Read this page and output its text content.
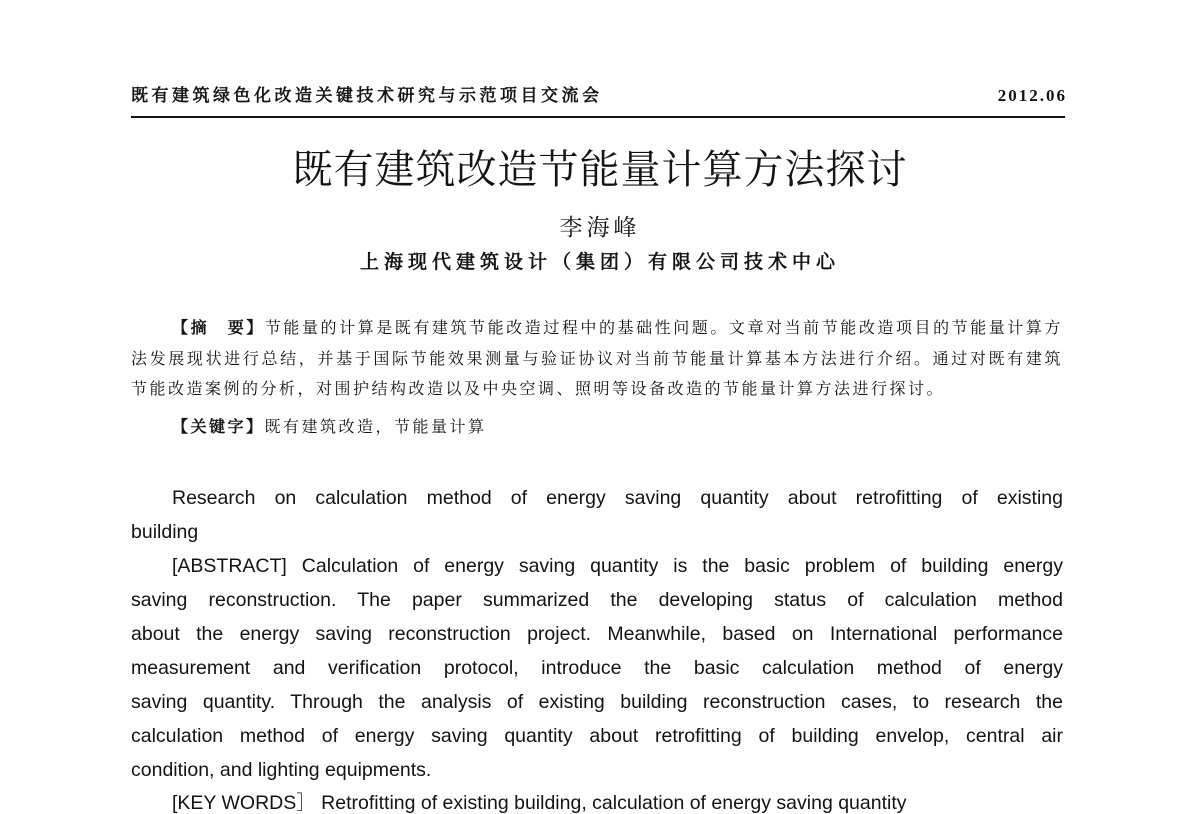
既有建筑绿色化改造关键技术研究与示范项目交流会	2012.06
既有建筑改造节能量计算方法探讨
李海峰
上海现代建筑设计（集团）有限公司技术中心
【摘　要】节能量的计算是既有建筑节能改造过程中的基础性问题。文章对当前节能改造项目的节能量计算方
法发展现状进行总结，并基于国际节能效果测量与验证协议对当前节能量计算基本方法进行介绍。通过对既有建筑
节能改造案例的分析，对围护结构改造以及中央空调、照明等设备改造的节能量计算方法进行探讨。
【关键字】既有建筑改造，节能量计算
Research on calculation method of energy saving quantity about retrofitting of existing
building
[ABSTRACT] Calculation of energy saving quantity is the basic problem of building energy
saving reconstruction. The paper summarized the developing status of calculation method
about the energy saving reconstruction project. Meanwhile, based on International performance
measurement and verification protocol, introduce the basic calculation method of energy
saving quantity. Through the analysis of existing building reconstruction cases, to research the
calculation method of energy saving quantity about retrofitting of building envelop, central air
condition, and lighting equipments.
[KEY WORDS］ Retrofitting of existing building, calculation of energy saving quantity
